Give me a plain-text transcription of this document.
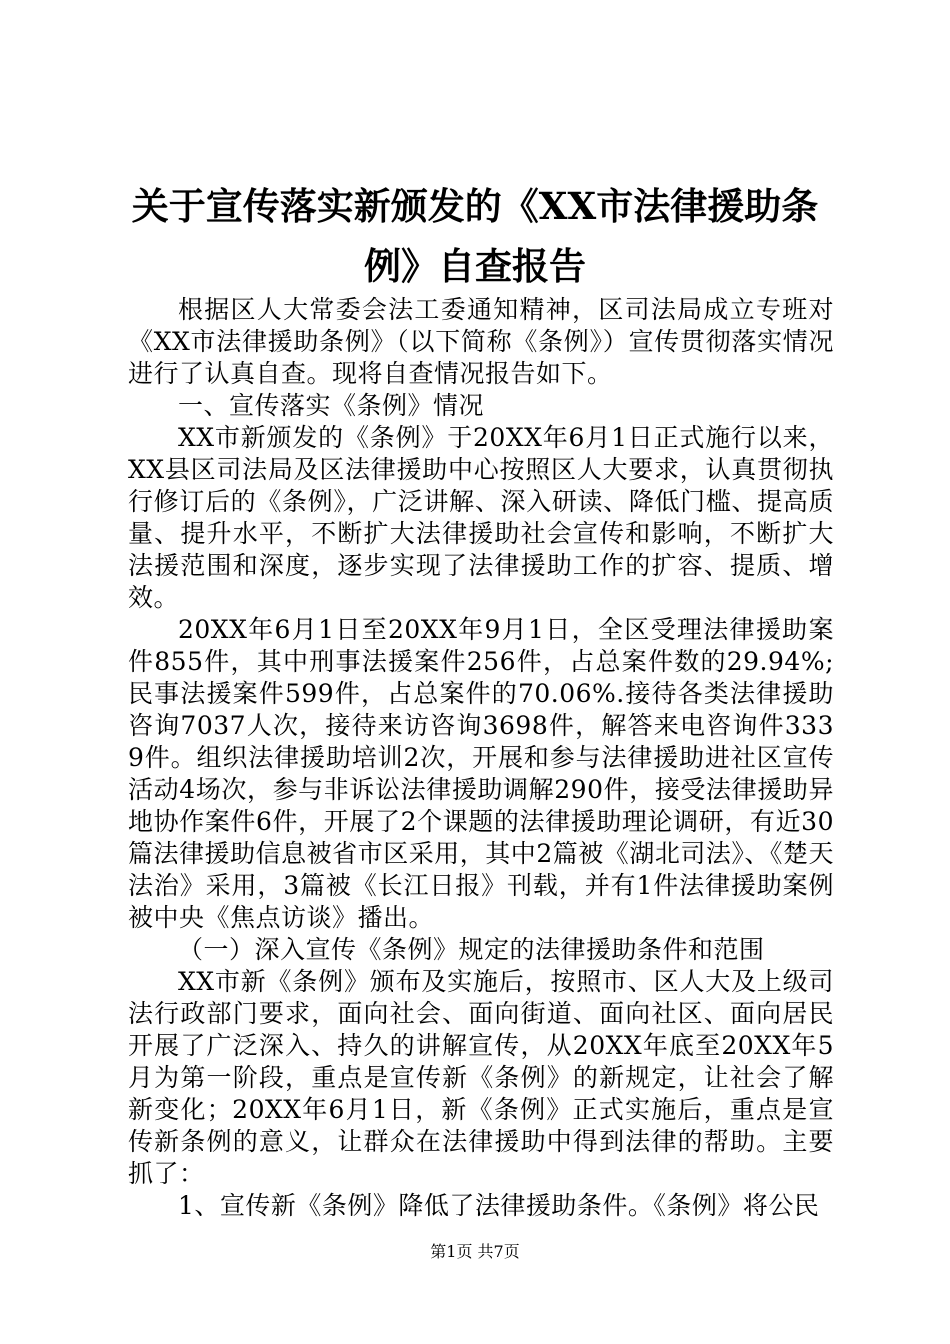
关于宣传落实新颁发的《XX市法律援助条例》自查报告

根据区人大常委会法工委通知精神，区司法局成立专班对《XX市法律援助条例》（以下简称《条例》）宣传贯彻落实情况进行了认真自查。现将自查情况报告如下。

一、宣传落实《条例》情况

XX市新颁发的《条例》于20XX年6月1日正式施行以来，XX县区司法局及区法律援助中心按照区人大要求，认真贯彻执行修订后的《条例》，广泛讲解、深入研读、降低门槛、提高质量、提升水平，不断扩大法律援助社会宣传和影响，不断扩大法援范围和深度，逐步实现了法律援助工作的扩容、提质、增效。

20XX年6月1日至20XX年9月1日，全区受理法律援助案件855件，其中刑事法援案件256件，占总案件数的29.94%;民事法援案件599件，占总案件的70.06%.接待各类法律援助咨询7037人次，接待来访咨询3698件，解答来电咨询件3339件。组织法律援助培训2次，开展和参与法律援助进社区宣传活动4场次，参与非诉讼法律援助调解290件，接受法律援助异地协作案件6件，开展了2个课题的法律援助理论调研，有近30篇法律援助信息被省市区采用，其中2篇被《湖北司法》、《楚天法治》采用，3篇被《长江日报》刊载，并有1件法律援助案例被中央《焦点访谈》播出。

（一）深入宣传《条例》规定的法律援助条件和范围

XX市新《条例》颁布及实施后，按照市、区人大及上级司法行政部门要求，面向社会、面向街道、面向社区、面向居民开展了广泛深入、持久的讲解宣传，从20XX年底至20XX年5月为第一阶段，重点是宣传新《条例》的新规定，让社会了解新变化；20XX年6月1日，新《条例》正式实施后，重点是宣传新条例的意义，让群众在法律援助中得到法律的帮助。主要抓了：

1、宣传新《条例》降低了法律援助条件。《条例》将公民

第1页 共7页
